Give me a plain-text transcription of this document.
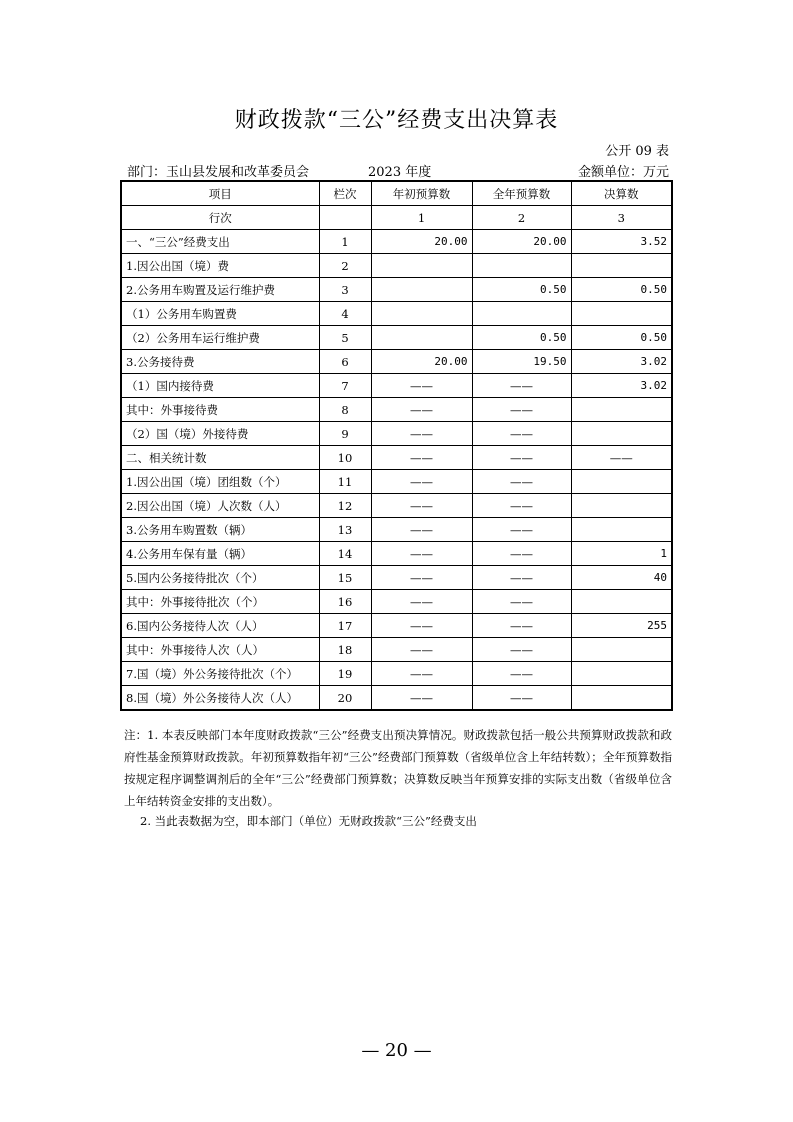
财政拨款“三公”经费支出决算表
公开 09 表
部门：玉山县发展和改革委员会	2023 年度	金额单位：万元
项目	栏次	年初预算数	全年预算数	决算数
行次		1	2	3
一、“三公”经费支出	1	20.00	20.00	3.52
1.因公出国（境）费	2			
2.公务用车购置及运行维护费	3		0.50	0.50
（1）公务用车购置费	4			
（2）公务用车运行维护费	5		0.50	0.50
3.公务接待费	6	20.00	19.50	3.02
（1）国内接待费	7	——	——	3.02
其中：外事接待费	8	——	——	
（2）国（境）外接待费	9	——	——	
二、相关统计数	10	——	——	——
1.因公出国（境）团组数（个）	11	——	——	
2.因公出国（境）人次数（人）	12	——	——	
3.公务用车购置数（辆）	13	——	——	
4.公务用车保有量（辆）	14	——	——	1
5.国内公务接待批次（个）	15	——	——	40
其中：外事接待批次（个）	16	——	——	
6.国内公务接待人次（人）	17	——	——	255
其中：外事接待人次（人）	18	——	——	
7.国（境）外公务接待批次（个）	19	——	——	
8.国（境）外公务接待人次（人）	20	——	——	
注：1. 本表反映部门本年度财政拨款“三公”经费支出预决算情况。财政拨款包括一般公共预算财政拨款和政府性基金预算财政拨款。年初预算数指年初“三公”经费部门预算数（省级单位含上年结转数）；全年预算数指按规定程序调整调剂后的全年“三公”经费部门预算数；决算数反映当年预算安排的实际支出数（省级单位含上年结转资金安排的支出数）。
2. 当此表数据为空，即本部门（单位）无财政拨款“三公”经费支出
— 20 —
